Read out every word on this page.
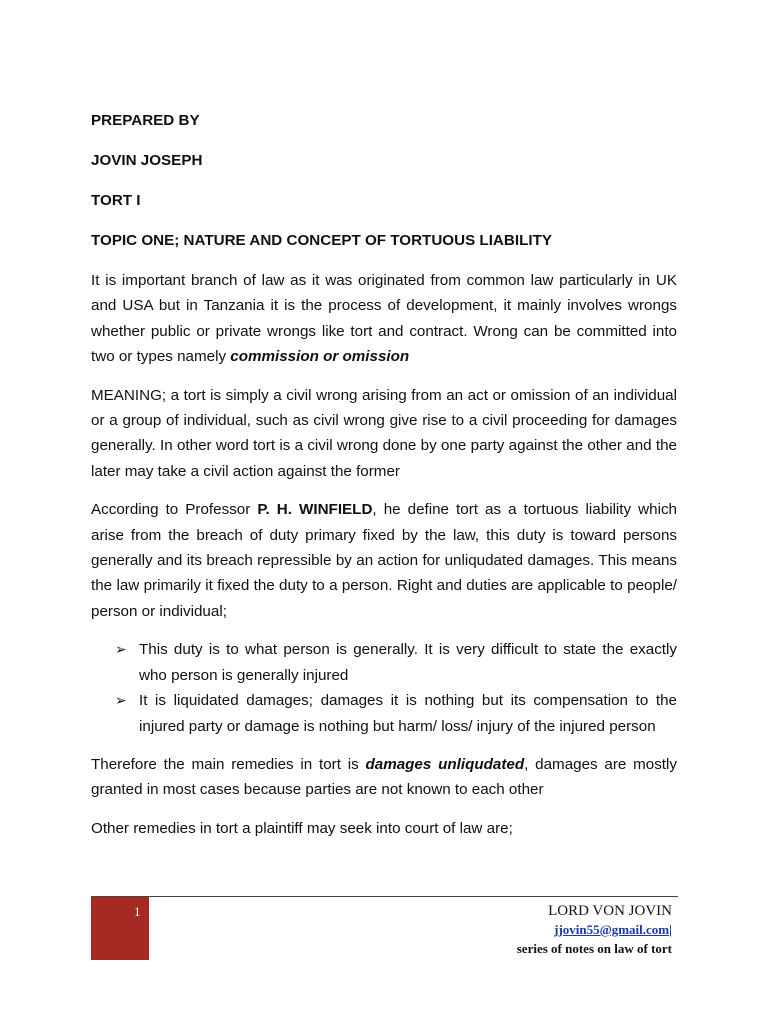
PREPARED BY
JOVIN JOSEPH
TORT I
TOPIC ONE; NATURE AND CONCEPT OF TORTUOUS LIABILITY

It is important branch of law as it was originated from common law particularly in UK and USA but in Tanzania it is the process of development, it mainly involves wrongs whether public or private wrongs like tort and contract. Wrong can be committed into two or types namely commission or omission

MEANING; a tort is simply a civil wrong arising from an act or omission of an individual or a group of individual, such as civil wrong give rise to a civil proceeding for damages generally. In other word tort is a civil wrong done by one party against the other and the later may take a civil action against the former

According to Professor P. H. WINFIELD, he define tort as a tortuous liability which arise from the breach of duty primary fixed by the law, this duty is toward persons generally and its breach repressible by an action for unliqudated damages. This means the law primarily it fixed the duty to a person. Right and duties are applicable to people/ person or individual;

➢ This duty is to what person is generally. It is very difficult to state the exactly who person is generally injured
➢ It is liquidated damages; damages it is nothing but its compensation to the injured party or damage is nothing but harm/ loss/ injury of the injured person

Therefore the main remedies in tort is damages unliqudated, damages are mostly granted in most cases because parties are not known to each other

Other remedies in tort a plaintiff may seek into court of law are;

1	LORD VON JOVIN
jjovin55@gmail.com|
series of notes on law of tort
